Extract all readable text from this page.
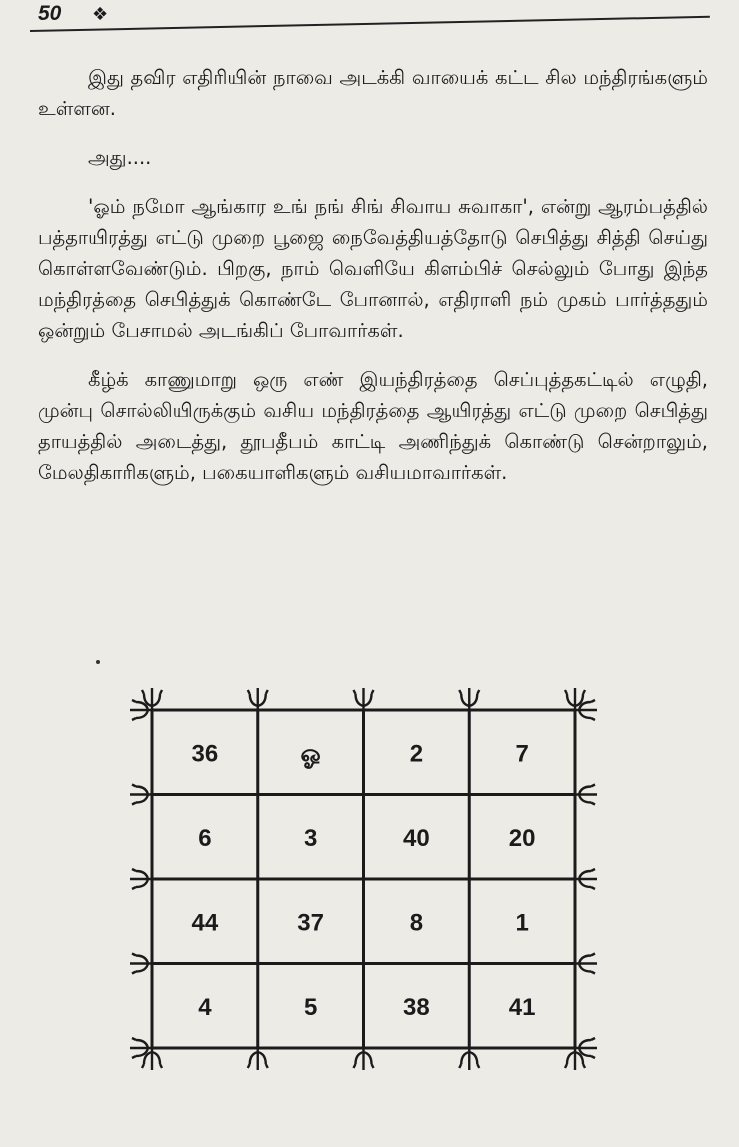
50 ❖

இது தவிர எதிரியின் நாவை அடக்கி வாயைக் கட்ட சில மந்திரங்களும் உள்ளன.

அது....

'ஓம் நமோ ஆங்கார உங் நங் சிங் சிவாய சுவாகா', என்று ஆரம்பத்தில் பத்தாயிரத்து எட்டு முறை பூஜை நைவேத்தியத்தோடு செபித்து சித்தி செய்து கொள்ளவேண்டும். பிறகு, நாம் வெளியே கிளம்பிச் செல்லும் போது இந்த மந்திரத்தை செபித்துக் கொண்டே போனால், எதிராளி நம் முகம் பார்த்ததும் ஒன்றும் பேசாமல் அடங்கிப் போவார்கள்.

கீழ்க் காணுமாறு ஒரு எண் இயந்திரத்தை செப்புத்தகட்டில் எழுதி, முன்பு சொல்லியிருக்கும் வசிய மந்திரத்தை ஆயிரத்து எட்டு முறை செபித்து தாயத்தில் அடைத்து, தூபதீபம் காட்டி அணிந்துக் கொண்டு சென்றாலும், மேலதிகாரிகளும், பகையாளிகளும் வசியமாவார்கள்.

36	ஓ	2	7
6	3	40	20
44	37	8	1
4	5	38	41
